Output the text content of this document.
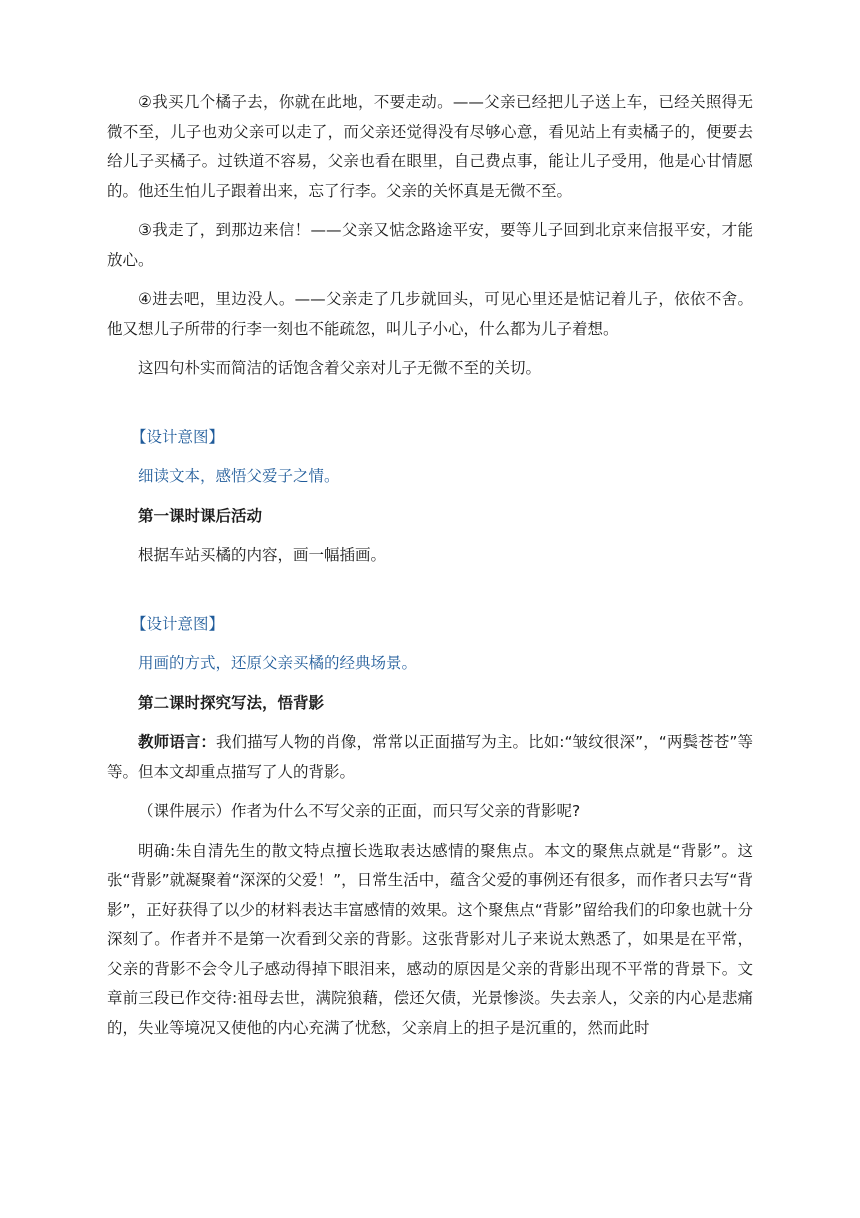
②我买几个橘子去，你就在此地，不要走动。——父亲已经把儿子送上车，已经关照得无微不至，儿子也劝父亲可以走了，而父亲还觉得没有尽够心意，看见站上有卖橘子的，便要去给儿子买橘子。过铁道不容易，父亲也看在眼里，自己费点事，能让儿子受用，他是心甘情愿的。他还生怕儿子跟着出来，忘了行李。父亲的关怀真是无微不至。

③我走了，到那边来信！——父亲又惦念路途平安，要等儿子回到北京来信报平安，才能放心。

④进去吧，里边没人。——父亲走了几步就回头，可见心里还是惦记着儿子，依依不舍。他又想儿子所带的行李一刻也不能疏忽，叫儿子小心，什么都为儿子着想。

这四句朴实而简洁的话饱含着父亲对儿子无微不至的关切。

【设计意图】

细读文本，感悟父爱子之情。

第一课时课后活动

根据车站买橘的内容，画一幅插画。

【设计意图】

用画的方式，还原父亲买橘的经典场景。

第二课时探究写法，悟背影

教师语言：我们描写人物的肖像，常常以正面描写为主。比如:“皱纹很深”，“两鬓苍苍”等等。但本文却重点描写了人的背影。

（课件展示）作者为什么不写父亲的正面，而只写父亲的背影呢?

明确:朱自清先生的散文特点擅长选取表达感情的聚焦点。本文的聚焦点就是“背影”。这张“背影”就凝聚着“深深的父爱！”，日常生活中，蕴含父爱的事例还有很多，而作者只去写“背影”，正好获得了以少的材料表达丰富感情的效果。这个聚焦点“背影”留给我们的印象也就十分深刻了。作者并不是第一次看到父亲的背影。这张背影对儿子来说太熟悉了，如果是在平常，父亲的背影不会令儿子感动得掉下眼泪来，感动的原因是父亲的背影出现不平常的背景下。文章前三段已作交待:祖母去世，满院狼藉，偿还欠债，光景惨淡。失去亲人，父亲的内心是悲痛的，失业等境况又使他的内心充满了忧愁，父亲肩上的担子是沉重的，然而此时
